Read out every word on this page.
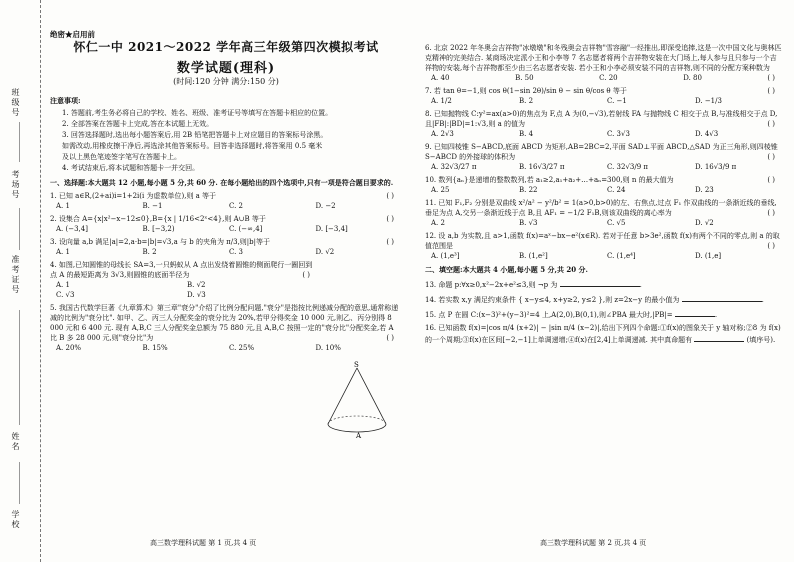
班级号
考场号
准考证号
姓名
学校
绝密★启用前
怀仁一中 2021～2022 学年高三年级第四次模拟考试
数学试题(理科)
(时间:120 分钟 满分:150 分)
注意事项:
1. 答题前,考生务必将自己的学校、姓名、班级、准考证号等填写在答题卡相应的位置。
2. 全部答案在答题卡上完成,答在本试题上无效。
3. 回答选择题时,选出每小题答案后,用 2B 铅笔把答题卡上对应题目的答案标号涂黑。
如需改动,用橡皮擦干净后,再选涂其他答案标号。回答非选择题时,将答案用 0.5 毫米
及以上黑色笔迹签字笔写在答题卡上。
4. 考试结束后,将本试题和答题卡一并交回。
一、选择题:本大题共 12 小题,每小题 5 分,共 60 分. 在每小题给出的四个选项中,只有一项是符合题目要求的.
1. 已知 a∈R,(2+ai)i=1+2i(i 为虚数单位),则 a 等于	( )
A. 1	B. −1	C. 2	D. −2
2. 设集合 A={x|x²−x−12≤0},B={x | 1/16<2ˣ<4},则 A∪B 等于	( )
A. (−3,4]	B. [−3,2)	C. (−∞,4]	D. [−3,4]
3. 设向量 a,b 满足|a|=2,a·b=|b|=√3,a 与 b 的夹角为 π/3,则|b|等于	( )
A. 1	B. 2	C. 3	D. √2
4. 如图,已知圆锥的母线长 SA=3,一只蚂蚁从 A 点出发绕着圆锥的侧面爬行一圈回到点 A 的最短距离为 3√3,则圆锥的底面半径为	( )
A. 1	B. √2
C. √3	D. √3
5. 我国古代数学巨著《九章算术》第三章"衰分"介绍了比例分配问题,"衰分"是指按比例递减分配的意思,通常称递减的比例为"衰分比". 如甲、乙、丙三人分配奖金的衰分比为 20%,若甲分得奖金 10 000 元,则乙、丙分别得 8 000 元和 6 400 元. 现有 A,B,C 三人分配奖金总额为 75 880 元,且 A,B,C 按照一定的"衰分比"分配奖金,若 A 比 B 多 28 000 元,则"衰分比"为	( )
A. 20%	B. 15%	C. 25%	D. 10%
S
A
高三数学理科试题 第 1 页,共 4 页
6. 北京 2022 年冬奥会吉祥物"冰墩墩"和冬残奥会吉祥物"雪容融"一经推出,即深受追捧,这是一次中国文化与奥林匹克精神的完美结合. 某商场决定派小王和小李等 7 名志愿者将两个吉祥物安装在大门场上,每人参与且只参与一个吉祥物的安装,每个吉祥物都至少由三名志愿者安装. 若小王和小李必须安装不同的吉祥物,则不同的分配方案种数为
( )
A. 40	B. 50	C. 20	D. 80
7. 若 tan θ=−1,则 cos θ(1−sin 2θ)/sin θ − sin θ/cos θ 等于	( )
A. 1/2	B. 2	C. −1	D. −1/3
8. 已知抛物线 C:y²=ax(a>0)的焦点为 F,点 A 为(0,−√3),若射线 FA 与抛物线 C 相交于点 B,与准线相交于点 D,且|FB|:|BD|=1:√3,则 a 的值为	( )
A. 2√3	B. 4	C. 3√3	D. 4√3
9. 已知四棱锥 S−ABCD,底面 ABCD 为矩形,AB=2BC=2,平面 SAD⊥平面 ABCD,△SAD 为正三角形,则四棱锥 S−ABCD 的外接球的体积为	( )
A. 32√3/27 π	B. 16√3/27 π	C. 32√3/9 π	D. 16√3/9 π
10. 数列{aₙ}是递增的整数数列,若 a₁≥2,a₁+a₂+…+aₙ=300,则 n 的最大值为	( )
A. 25	B. 22	C. 24	D. 23
11. 已知 F₁,F₂ 分别是双曲线 x²/a² − y²/b² = 1(a>0,b>0)的左、右焦点,过点 F₁ 作双曲线的一条渐近线的垂线,垂足为点 A,交另一条渐近线于点 B,且 AF₁ = −1/2 F₁B,则该双曲线的离心率为	( )
A. 2	B. √3	C. √5	D. √2
12. 设 a,b 为实数,且 a>1,函数 f(x)=aˣ−bx−e²(x∈R). 若对于任意 b>3e²,函数 f(x)有两个不同的零点,则 a 的取值范围是	( )
A. (1,e³]	B. (1,e²]	C. (1,e⁴]	D. (1,e]
二、填空题:本大题共 4 小题,每小题 5 分,共 20 分.
13. 命题 p:∀x≥0,x²−2x+e²≤3,则 ¬p 为	.
14. 若实数 x,y 满足约束条件 { x−y≤4, x+y≥2, y≤2 },则 z=2x−y 的最小值为	.
15. 点 P 在圆 C:(x−3)²+(y−3)²=4 上,A(2,0),B(0,1),则∠PBA 最大时,|PB|=	.
16. 已知函数 f(x)=|cos π/4 (x+2)| − |sin π/4 (x−2)|,给出下列四个命题:①f(x)的图象关于 y 轴对称;②8 为 f(x)的一个周期;③f(x)在区间[−2,−1]上单调递增;④f(x)在[2,4]上单调递减. 其中真命题有	(填序号).
高三数学理科试题 第 2 页,共 4 页
